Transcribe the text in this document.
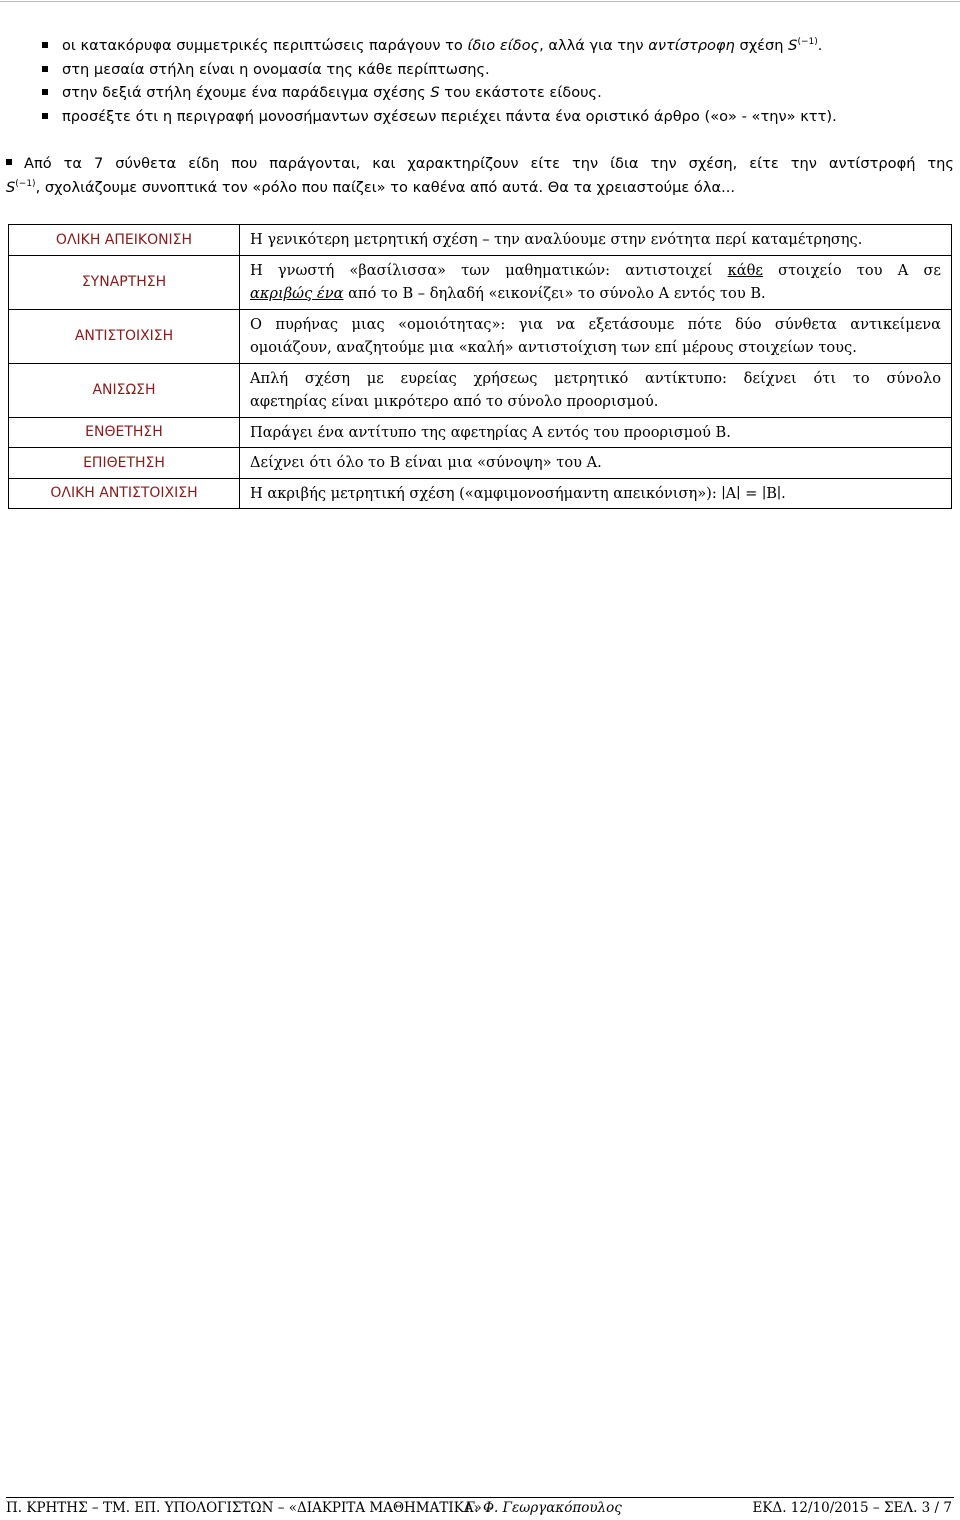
οι κατακόρυφα συμμετρικές περιπτώσεις παράγουν το ίδιο είδος, αλλά για την αντίστροφη σχέση $S^{(-1)}$.
στη μεσαία στήλη είναι η ονομασία της κάθε περίπτωσης.
στην δεξιά στήλη έχουμε ένα παράδειγμα σχέσης S του εκάστοτε είδους.
προσέξτε ότι η περιγραφή μονοσήμαντων σχέσεων περιέχει πάντα ένα οριστικό άρθρο («ο» - «την» κττ).

Από τα 7 σύνθετα είδη που παράγονται, και χαρακτηρίζουν είτε την ίδια την σχέση, είτε την αντίστροφή της
$S^{(-1)}$, σχολιάζουμε συνοπτικά τον «ρόλο που παίζει» το καθένα από αυτά. Θα τα χρειαστούμε όλα...

ΟΛΙΚΗ ΑΠΕΙΚΟΝΙΣΗ	Η γενικότερη μετρητική σχέση – την αναλύουμε στην ενότητα περί καταμέτρησης.

ΣΥΝΑΡΤΗΣΗ	Η γνωστή «βασίλισσα» των μαθηματικών: αντιστοιχεί κάθε στοιχείο του Α σε
ακριβώς ένα από το Β – δηλαδή «εικονίζει» το σύνολο Α εντός του Β.

ΑΝΤΙΣΤΟΙΧΙΣΗ	Ο πυρήνας μιας «ομοιότητας»: για να εξετάσουμε πότε δύο σύνθετα αντικείμενα
ομοιάζουν, αναζητούμε μια «καλή» αντιστοίχιση των επί μέρους στοιχείων τους.

ΑΝΙΣΩΣΗ	Απλή σχέση με ευρείας χρήσεως μετρητικό αντίκτυπο: δείχνει ότι το σύνολο
αφετηρίας είναι μικρότερο από το σύνολο προορισμού.

ΕΝΘΕΤΗΣΗ	Παράγει ένα αντίτυπο της αφετηρίας Α εντός του προορισμού Β.

ΕΠΙΘΕΤΗΣΗ	Δείχνει ότι όλο το Β είναι μια «σύνοψη» του Α.

ΟΛΙΚΗ ΑΝΤΙΣΤΟΙΧΙΣΗ	Η ακριβής μετρητική σχέση («αμφιμονοσήμαντη απεικόνιση»): ∣Α∣ = ∣Β∣.
Π. ΚΡΗΤΗΣ – ΤΜ. ΕΠ. ΥΠΟΛΟΓΙΣΤΩΝ – «ΔΙΑΚΡΙΤΑ ΜΑΘΗΜΑΤΙΚΑ» –
Γ. Φ. Γεωργακόπουλος	ΕΚΔ. 12/10/2015 – ΣΕΛ. 3 / 7
